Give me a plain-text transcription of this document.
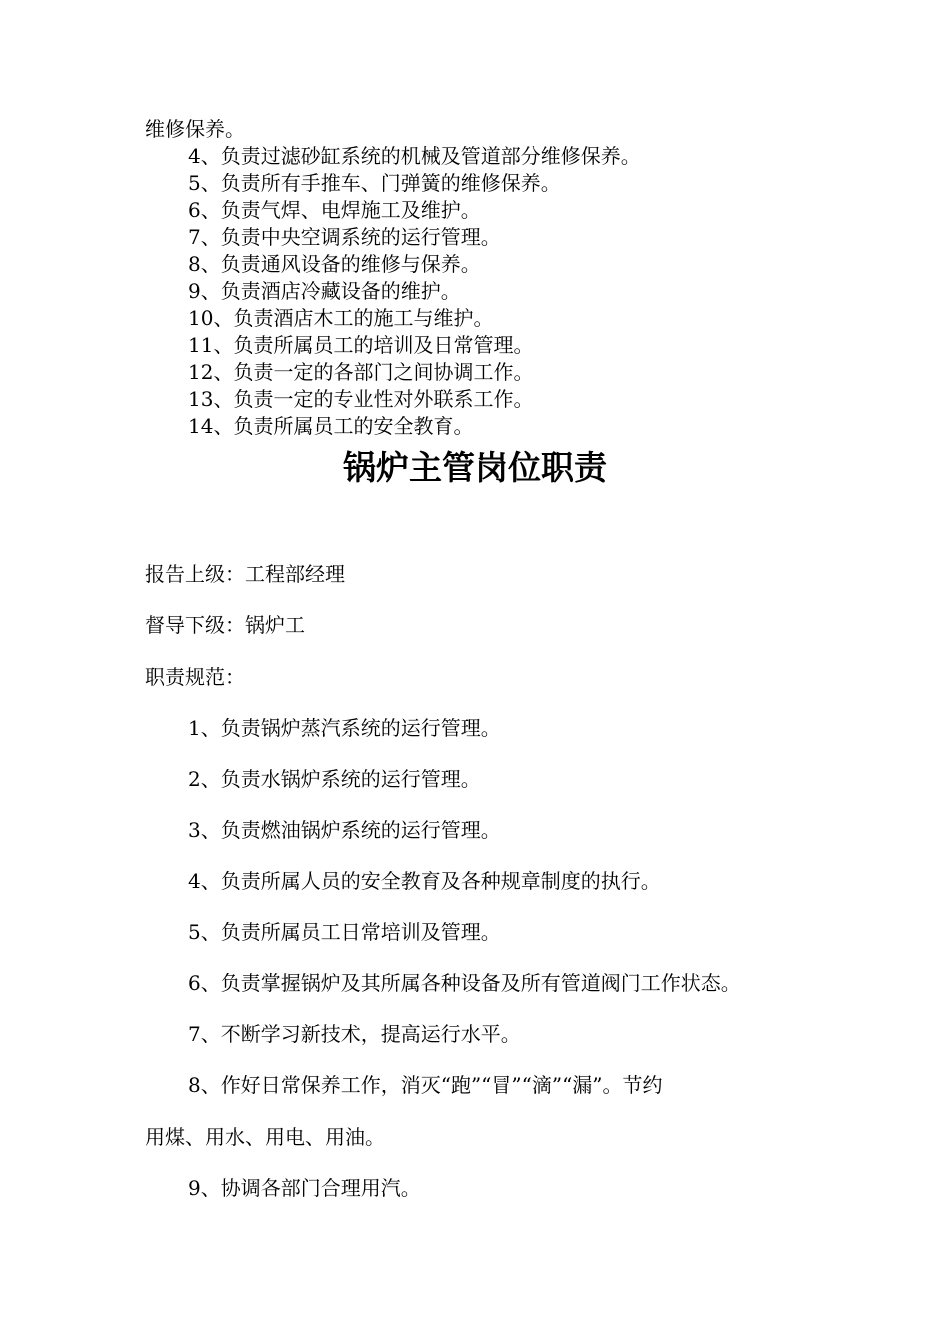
维修保养。
4、负责过滤砂缸系统的机械及管道部分维修保养。
5、负责所有手推车、门弹簧的维修保养。
6、负责气焊、电焊施工及维护。
7、负责中央空调系统的运行管理。
8、负责通风设备的维修与保养。
9、负责酒店冷藏设备的维护。
10、负责酒店木工的施工与维护。
11、负责所属员工的培训及日常管理。
12、负责一定的各部门之间协调工作。
13、负责一定的专业性对外联系工作。
14、负责所属员工的安全教育。
锅炉主管岗位职责
报告上级：工程部经理
督导下级：锅炉工
职责规范：
1、负责锅炉蒸汽系统的运行管理。
2、负责水锅炉系统的运行管理。
3、负责燃油锅炉系统的运行管理。
4、负责所属人员的安全教育及各种规章制度的执行。
5、负责所属员工日常培训及管理。
6、负责掌握锅炉及其所属各种设备及所有管道阀门工作状态。
7、不断学习新技术，提高运行水平。
8、作好日常保养工作，消灭“跑”“冒”“滴”“漏”。节约
用煤、用水、用电、用油。
9、协调各部门合理用汽。
